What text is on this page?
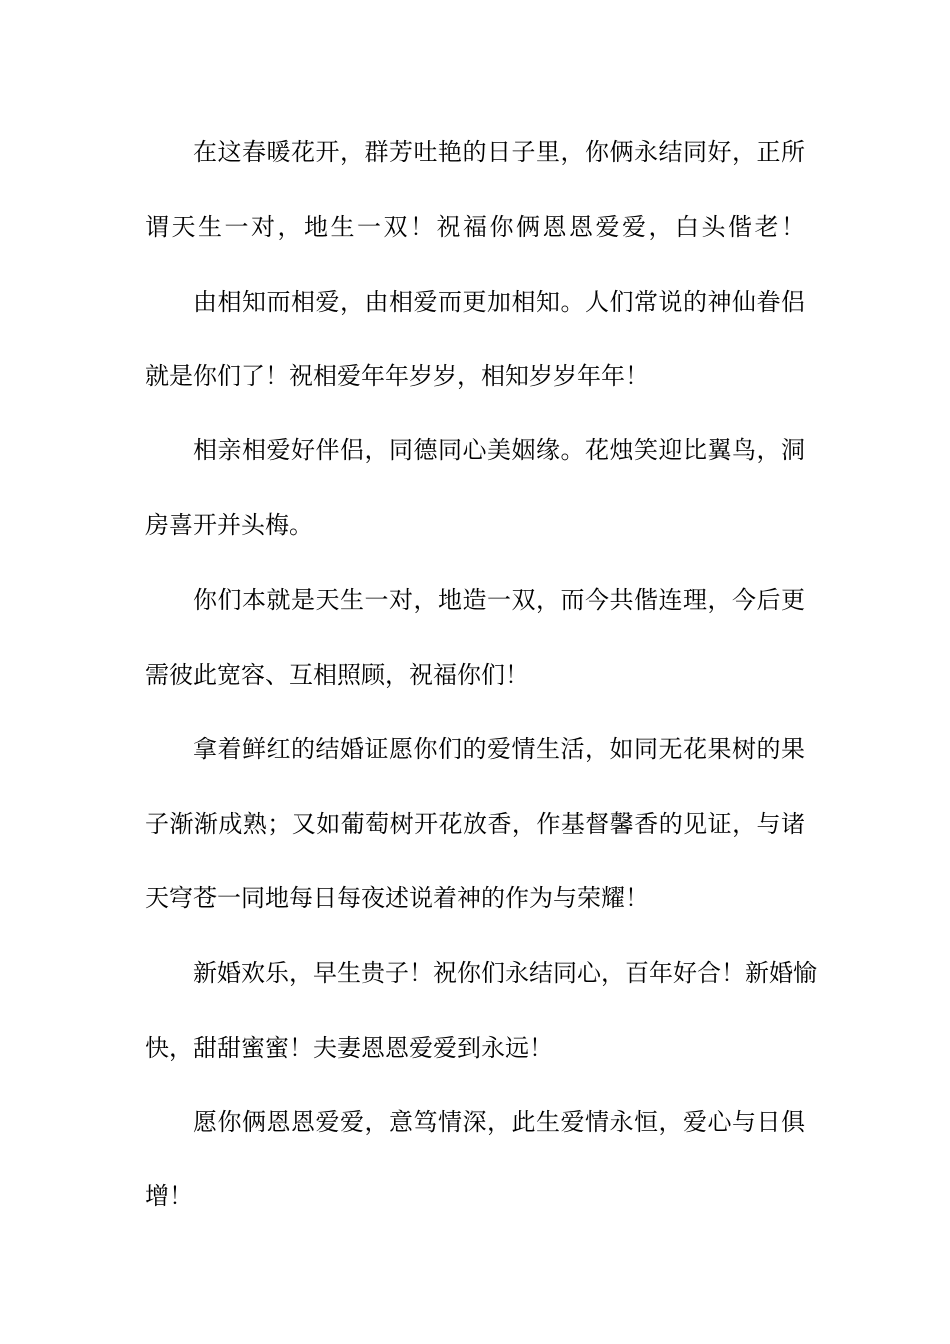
在这春暖花开，群芳吐艳的日子里，你俩永结同好，正所
谓天生一对，地生一双！祝福你俩恩恩爱爱，白头偕老！
由相知而相爱，由相爱而更加相知。人们常说的神仙眷侣
就是你们了！祝相爱年年岁岁，相知岁岁年年！
相亲相爱好伴侣，同德同心美姻缘。花烛笑迎比翼鸟，洞
房喜开并头梅。
你们本就是天生一对，地造一双，而今共偕连理，今后更
需彼此宽容、互相照顾，祝福你们！
拿着鲜红的结婚证愿你们的爱情生活，如同无花果树的果
子渐渐成熟；又如葡萄树开花放香，作基督馨香的见证，与诸
天穹苍一同地每日每夜述说着神的作为与荣耀！
新婚欢乐，早生贵子！祝你们永结同心，百年好合！新婚愉
快，甜甜蜜蜜！夫妻恩恩爱爱到永远！
愿你俩恩恩爱爱，意笃情深，此生爱情永恒，爱心与日俱
增！
